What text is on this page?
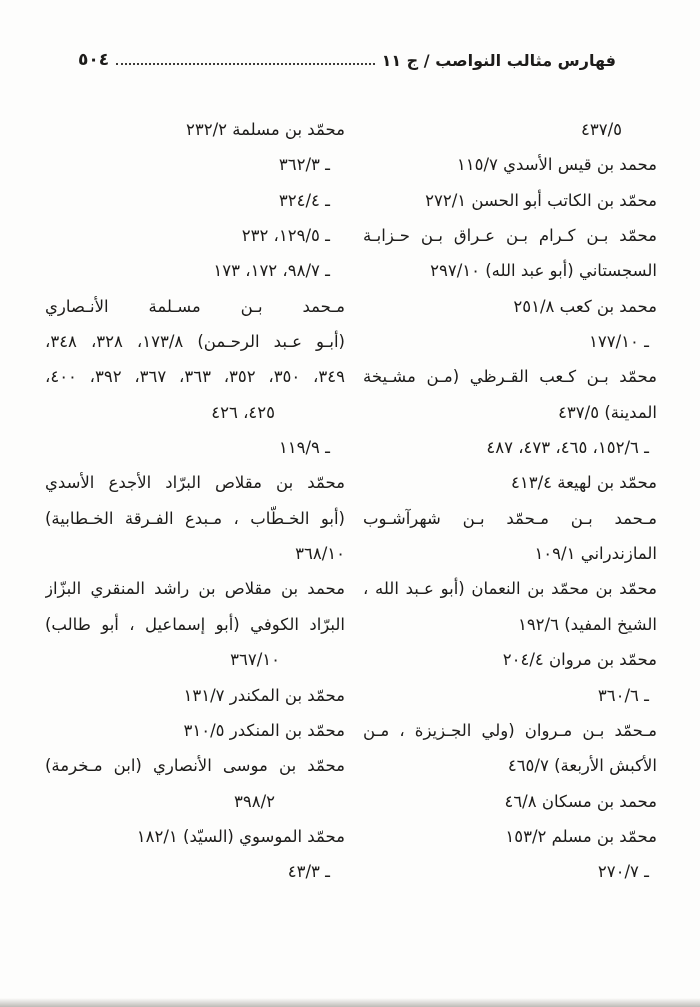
فهارس مثالب النواصب / ج ١١
٥٠٤
٤٣٧/٥
محمد بن قيس الأسدي ١١٥/٧
محمّد بن الكاتب أبو الحسن ٢٧٢/١
محمّد بـن كـرام بـن عـراق بـن حـزابـة
السجستاني (أبو عبد الله) ٢٩٧/١٠
محمد بن كعب ٢٥١/٨
ـ ١٧٧/١٠
محمّد بـن كـعب القـرظي (مـن مشـيخة
المدينة) ٤٣٧/٥
ـ ١٥٢/٦، ٤٦٥، ٤٧٣، ٤٨٧
محمّد بن لهيعة ٤١٣/٤
مـحمد بـن مـحمّد بـن شهرآشـوب
المازندراني ١٠٩/١
محمّد بن محمّد بن النعمان (أبو عـبد الله ،
الشيخ المفيد) ١٩٢/٦
محمّد بن مروان ٢٠٤/٤
ـ ٣٦٠/٦
مـحمّد بـن مـروان (ولي الجـزيزة ، مـن
الأكبش الأربعة) ٤٦٥/٧
محمد بن مسكان ٤٦/٨
محمّد بن مسلم ١٥٣/٢
ـ ٢٧٠/٧
محمّد بن مسلمة ٢٣٢/٢
ـ ٣٦٢/٣
ـ ٣٢٤/٤
ـ ١٢٩/٥، ٢٣٢
ـ ٩٨/٧، ١٧٢، ١٧٣
مـحمد بـن مسـلمة الأنـصاري
(أبـو عـبد الرحـمن) ١٧٣/٨، ٣٢٨، ٣٤٨،
٣٤٩، ٣٥٠، ٣٥٢، ٣٦٣، ٣٦٧، ٣٩٢، ٤٠٠،
٤٢٥، ٤٢٦
ـ ١١٩/٩
محمّد بن مقلاص البرّاد الأجدع الأسدي
(أبو الخـطّاب ، مـبدع الفـرقة الخـطابية)
٣٦٨/١٠
محمد بن مقلاص بن راشد المنقري البزّاز
البرّاد الكوفي (أبو إسماعيل ، أبو طالب)
٣٦٧/١٠
محمّد بن المكندر ١٣١/٧
محمّد بن المنكدر ٣١٠/٥
محمّد بن موسى الأنصاري (ابن مـخرمة)
٣٩٨/٢
محمّد الموسوي (السيّد) ١٨٢/١
ـ ٤٣/٣
